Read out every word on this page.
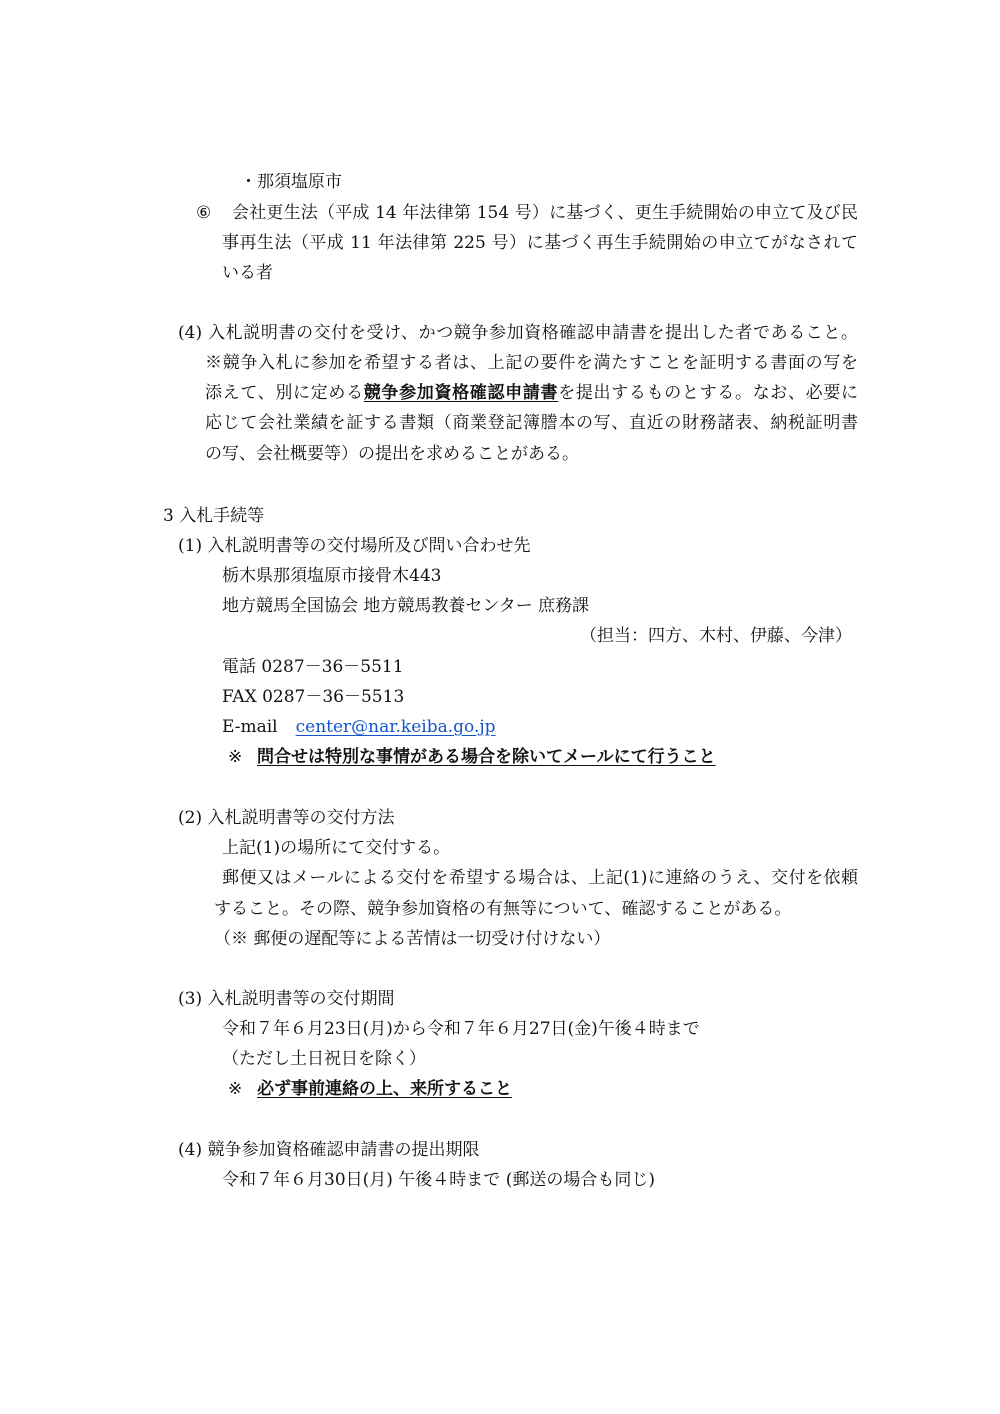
・那須塩原市
⑥ 会社更生法（平成 14 年法律第 154 号）に基づく、更生手続開始の申立て及び民
事再生法（平成 11 年法律第 225 号）に基づく再生手続開始の申立てがなされて
いる者
(4) 入札説明書の交付を受け、かつ競争参加資格確認申請書を提出した者であること。
※競争入札に参加を希望する者は、上記の要件を満たすことを証明する書面の写を
添えて、別に定める競争参加資格確認申請書を提出するものとする。なお、必要に
応じて会社業績を証する書類（商業登記簿謄本の写、直近の財務諸表、納税証明書
の写、会社概要等）の提出を求めることがある。
3 入札手続等
(1) 入札説明書等の交付場所及び問い合わせ先
栃木県那須塩原市接骨木443
地方競馬全国協会 地方競馬教養センター 庶務課
（担当：四方、木村、伊藤、今津）
電話 0287－36－5511
FAX 0287－36－5513
E-mail center@nar.keiba.go.jp
※ 問合せは特別な事情がある場合を除いてメールにて行うこと
(2) 入札説明書等の交付方法
上記(1)の場所にて交付する。
郵便又はメールによる交付を希望する場合は、上記(1)に連絡のうえ、交付を依頼
すること。その際、競争参加資格の有無等について、確認することがある。
（※ 郵便の遅配等による苦情は一切受け付けない）
(3) 入札説明書等の交付期間
令和７年６月23日(月)から令和７年６月27日(金)午後４時まで
（ただし土日祝日を除く）
※ 必ず事前連絡の上、来所すること
(4) 競争参加資格確認申請書の提出期限
令和７年６月30日(月) 午後４時まで (郵送の場合も同じ)
